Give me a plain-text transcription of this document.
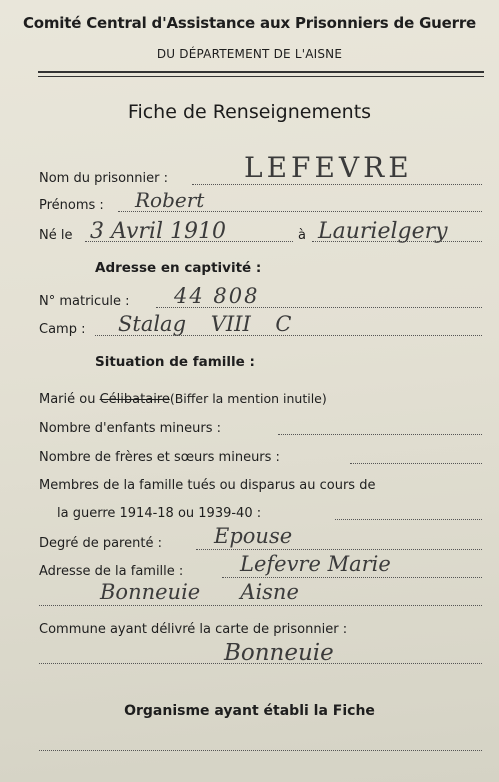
Comité Central d'Assistance aux Prisonniers de Guerre
DU DÉPARTEMENT DE L'AISNE
Fiche de Renseignements
Nom du prisonnier :	LEFEVRE
Prénoms : Robert
Né le 3 Avril 1910	à Laurielgery
Adresse en captivité :
N° matricule : 44 808
Camp : Stalag VIII C
Situation de famille :
Marié ou Célibataire(Biffer la mention inutile)
Nombre d'enfants mineurs :
Nombre de frères et sœurs mineurs :
Membres de la famille tués ou disparus au cours de
la guerre 1914-18 ou 1939-40 :
Degré de parenté : Epouse
Adresse de la famille :	Lefevre Marie
Bonneuie      Aisne
Commune ayant délivré la carte de prisonnier :
Bonneuie
Organisme ayant établi la Fiche
